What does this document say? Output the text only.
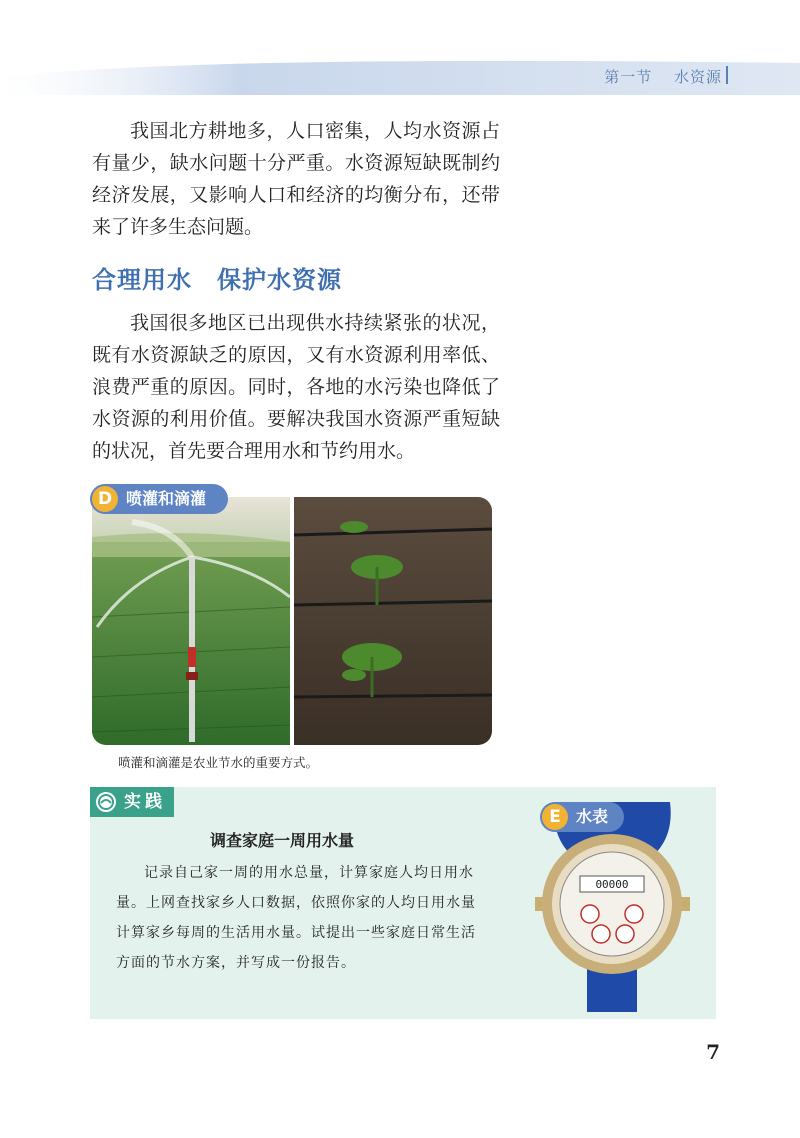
第一节　 水资源

我国北方耕地多，人口密集，人均水资源占有量少，缺水问题十分严重。水资源短缺既制约经济发展，又影响人口和经济的均衡分布，还带来了许多生态问题。

合理用水　保护水资源

我国很多地区已出现供水持续紧张的状况，既有水资源缺乏的原因，又有水资源利用率低、浪费严重的原因。同时，各地的水污染也降低了水资源的利用价值。要解决我国水资源严重短缺的状况，首先要合理用水和节约用水。

D 喷灌和滴灌
喷灌和滴灌是农业节水的重要方式。
实践
调查家庭一周用水量

记录自己家一周的用水总量，计算家庭人均日用水量。上网查找家乡人口数据，依照你家的人均日用水量计算家乡每周的生活用水量。试提出一些家庭日常生活方面的节水方案，并写成一份报告。

00000
E 水表
7
